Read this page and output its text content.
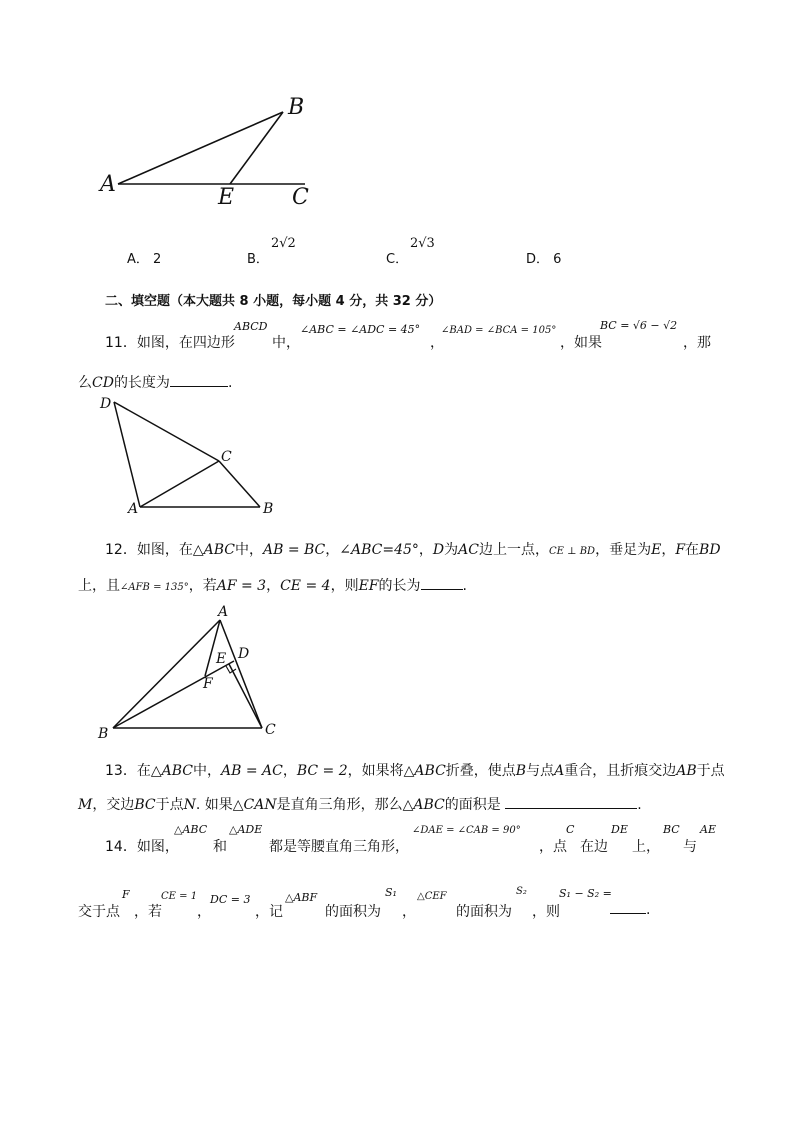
B
A
E	C
A． 2	B．
2√2
C．
2√3
D． 6
二、填空题（本大题共 8 小题，每小题 4 分，共 32 分）
11．如图，在四边形
ABCD
中，
∠ABC = ∠ADC = 45°
，
∠BAD = ∠BCA = 105°
，如果
BC = √6 − √2
，那
么CD的长度为	.
D
C
A	B
12．如图，在△ABC中，AB = BC，∠ABC=45°，D为AC边上一点，CE ⊥ BD，垂足为E，F在BD
上，且∠AFB = 135°，若AF = 3，CE = 4，则EF的长为	.
A
E D
F
B	C
13．在△ABC中，AB = AC，BC = 2，如果将△ABC折叠，使点B与点A重合，且折痕交边AB于点
M，交边BC于点N. 如果△CAN是直角三角形，那么△ABC的面积是	.
14．如图，
△ABC
和
△ADE
都是等腰直角三角形，
∠DAE = ∠CAB = 90°
，点
C
在边
DE
上，
BC
与
AE
交于点
F
，若
CE = 1
，
DC = 3
，记
△ABF
的面积为
S₁
，
△CEF
的面积为
S₂
，则
S₁ − S₂ =
.
